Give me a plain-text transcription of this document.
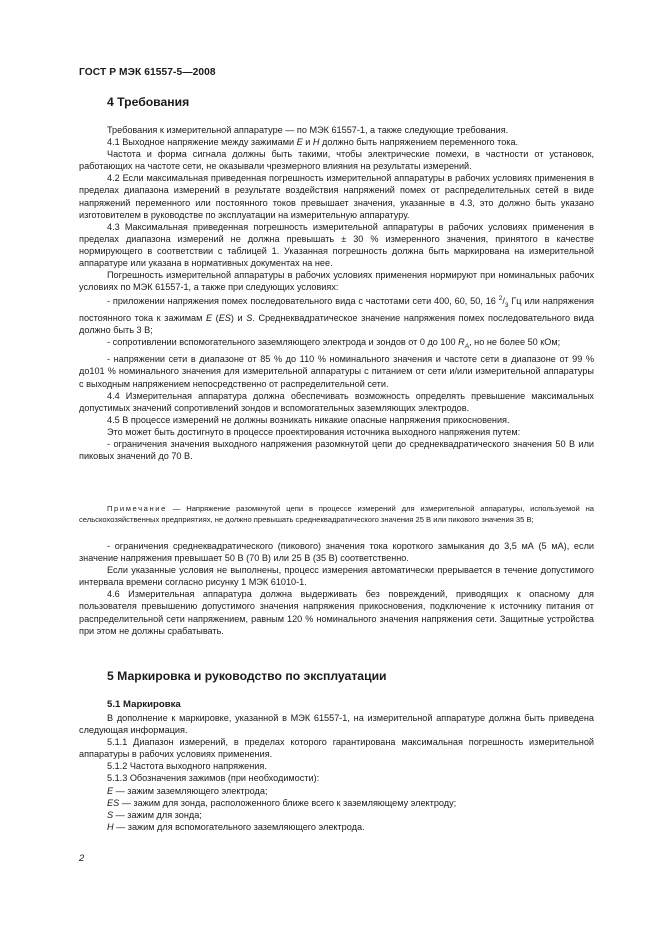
ГОСТ Р МЭК 61557-5—2008
4 Требования

Требования к измерительной аппаратуре — по МЭК 61557-1, а также следующие требования.

4.1 Выходное напряжение между зажимами E и H должно быть напряжением переменного тока.

Частота и форма сигнала должны быть такими, чтобы электрические помехи, в частности от установок, работающих на частоте сети, не оказывали чрезмерного влияния на результаты измерений.

4.2 Если максимальная приведенная погрешность измерительной аппаратуры в рабочих условиях применения в пределах диапазона измерений в результате воздействия напряжений помех от распределительных сетей в виде напряжений переменного или постоянного токов превышает значения, указанные в 4.3, это должно быть указано изготовителем в руководстве по эксплуатации на измерительную аппаратуру.

4.3 Максимальная приведенная погрешность измерительной аппаратуры в рабочих условиях применения в пределах диапазона измерений не должна превышать ± 30 % измеренного значения, принятого в качестве нормирующего в соответствии с таблицей 1. Указанная погрешность должна быть маркирована на измерительной аппаратуре или указана в нормативных документах на нее.

Погрешность измерительной аппаратуры в рабочих условиях применения нормируют при номинальных рабочих условиях по МЭК 61557-1, а также при следующих условиях:

- приложении напряжения помех последовательного вида с частотами сети 400, 60, 50, 16 $^2/_3$ Гц или напряжения постоянного тока к зажимам E (ES) и S. Среднеквадратическое значение напряжения помех последовательного вида должно быть 3 В;

- сопротивлении вспомогательного заземляющего электрода и зондов от 0 до 100 $R_A$, но не более 50 кОм;

- напряжении сети в диапазоне от 85 % до 110 % номинального значения и частоте сети в диапазоне от 99 % до101 % номинального значения для измерительной аппаратуры с питанием от сети и/или измерительной аппаратуры с выходным напряжением непосредственно от распределительной сети.

4.4 Измерительная аппаратура должна обеспечивать возможность определять превышение максимальных допустимых значений сопротивлений зондов и вспомогательных заземляющих электродов.

4.5 В процессе измерений не должны возникать никакие опасные напряжения прикосновения.

Это может быть достигнуто в процессе проектирования источника выходного напряжения путем:

- ограничения значения выходного напряжения разомкнутой цепи до среднеквадратического значения 50 В или пиковых значений до 70 В.

Примечание — Напряжение разомкнутой цепи в процессе измерений для измерительной аппаратуры, используемой на сельскохозяйственных предприятиях, не должно превышать среднеквадратического значения 25 В или пикового значения 35 В;

- ограничения среднеквадратического (пикового) значения тока короткого замыкания до 3,5 мА (5 мА), если значение напряжения превышает 50 В (70 В) или 25 В (35 В) соответственно.

Если указанные условия не выполнены, процесс измерения автоматически прерывается в течение допустимого интервала времени согласно рисунку 1 МЭК 61010-1.

4.6 Измерительная аппаратура должна выдерживать без повреждений, приводящих к опасному для пользователя превышению допустимого значения напряжения прикосновения, подключение к источнику питания от распределительной сети напряжением, равным 120 % номинального значения напряжения сети. Защитные устройства при этом не должны срабатывать.

5 Маркировка и руководство по эксплуатации
5.1 Маркировка

В дополнение к маркировке, указанной в МЭК 61557-1, на измерительной аппаратуре должна быть приведена следующая информация.

5.1.1 Диапазон измерений, в пределах которого гарантирована максимальная погрешность измерительной аппаратуры в рабочих условиях применения.

5.1.2 Частота выходного напряжения.

5.1.3 Обозначения зажимов (при необходимости):

E — зажим заземляющего электрода;

ES — зажим для зонда, расположенного ближе всего к заземляющему электроду;

S — зажим для зонда;

H — зажим для вспомогательного заземляющего электрода.

2
